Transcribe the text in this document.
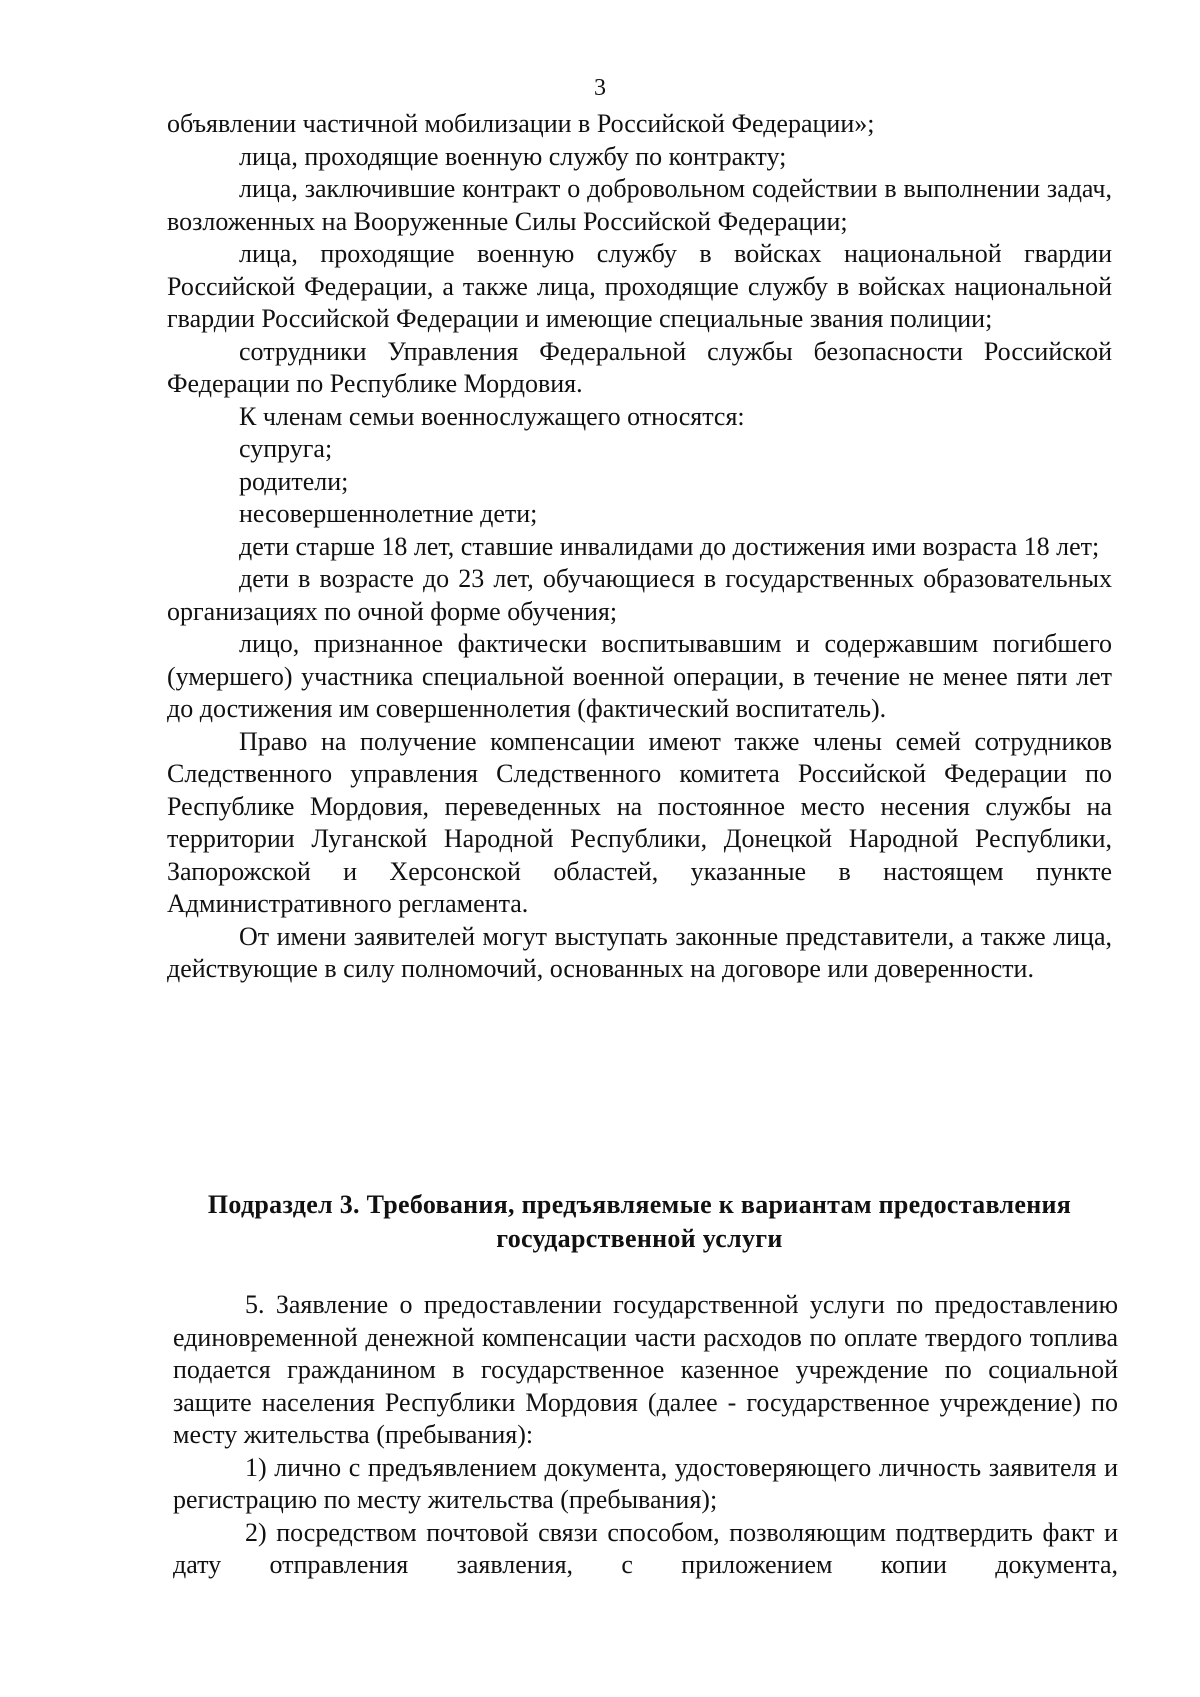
3

объявлении частичной мобилизации в Российской Федерации»;

лица, проходящие военную службу по контракту;

лица, заключившие контракт о добровольном содействии в выполнении задач, возложенных на Вооруженные Силы Российской Федерации;

лица, проходящие военную службу в войсках национальной гвардии Российской Федерации, а также лица, проходящие службу в войсках национальной гвардии Российской Федерации и имеющие специальные звания полиции;

сотрудники Управления Федеральной службы безопасности Российской Федерации по Республике Мордовия.

К членам семьи военнослужащего относятся:

супруга;

родители;

несовершеннолетние дети;

дети старше 18 лет, ставшие инвалидами до достижения ими возраста 18 лет;

дети в возрасте до 23 лет, обучающиеся в государственных образовательных организациях по очной форме обучения;

лицо, признанное фактически воспитывавшим и содержавшим погибшего (умершего) участника специальной военной операции, в течение не менее пяти лет до достижения им совершеннолетия (фактический воспитатель).

Право на получение компенсации имеют также члены семей сотрудников Следственного управления Следственного комитета Российской Федерации по Республике Мордовия, переведенных на постоянное место несения службы на территории Луганской Народной Республики, Донецкой Народной Республики, Запорожской и Херсонской областей, указанные в настоящем пункте Административного регламента.

От имени заявителей могут выступать законные представители, а также лица, действующие в силу полномочий, основанных на договоре или доверенности.

Подраздел 3. Требования, предъявляемые к вариантам предоставления

государственной услуги

5. Заявление о предоставлении государственной услуги по предоставлению единовременной денежной компенсации части расходов по оплате твердого топлива подается гражданином в государственное казенное учреждение по социальной защите населения Республики Мордовия (далее - государственное учреждение) по месту жительства (пребывания):

1) лично с предъявлением документа, удостоверяющего личность заявителя и регистрацию по месту жительства (пребывания);

2) посредством почтовой связи способом, позволяющим подтвердить факт и дату отправления заявления, с приложением копии документа,
